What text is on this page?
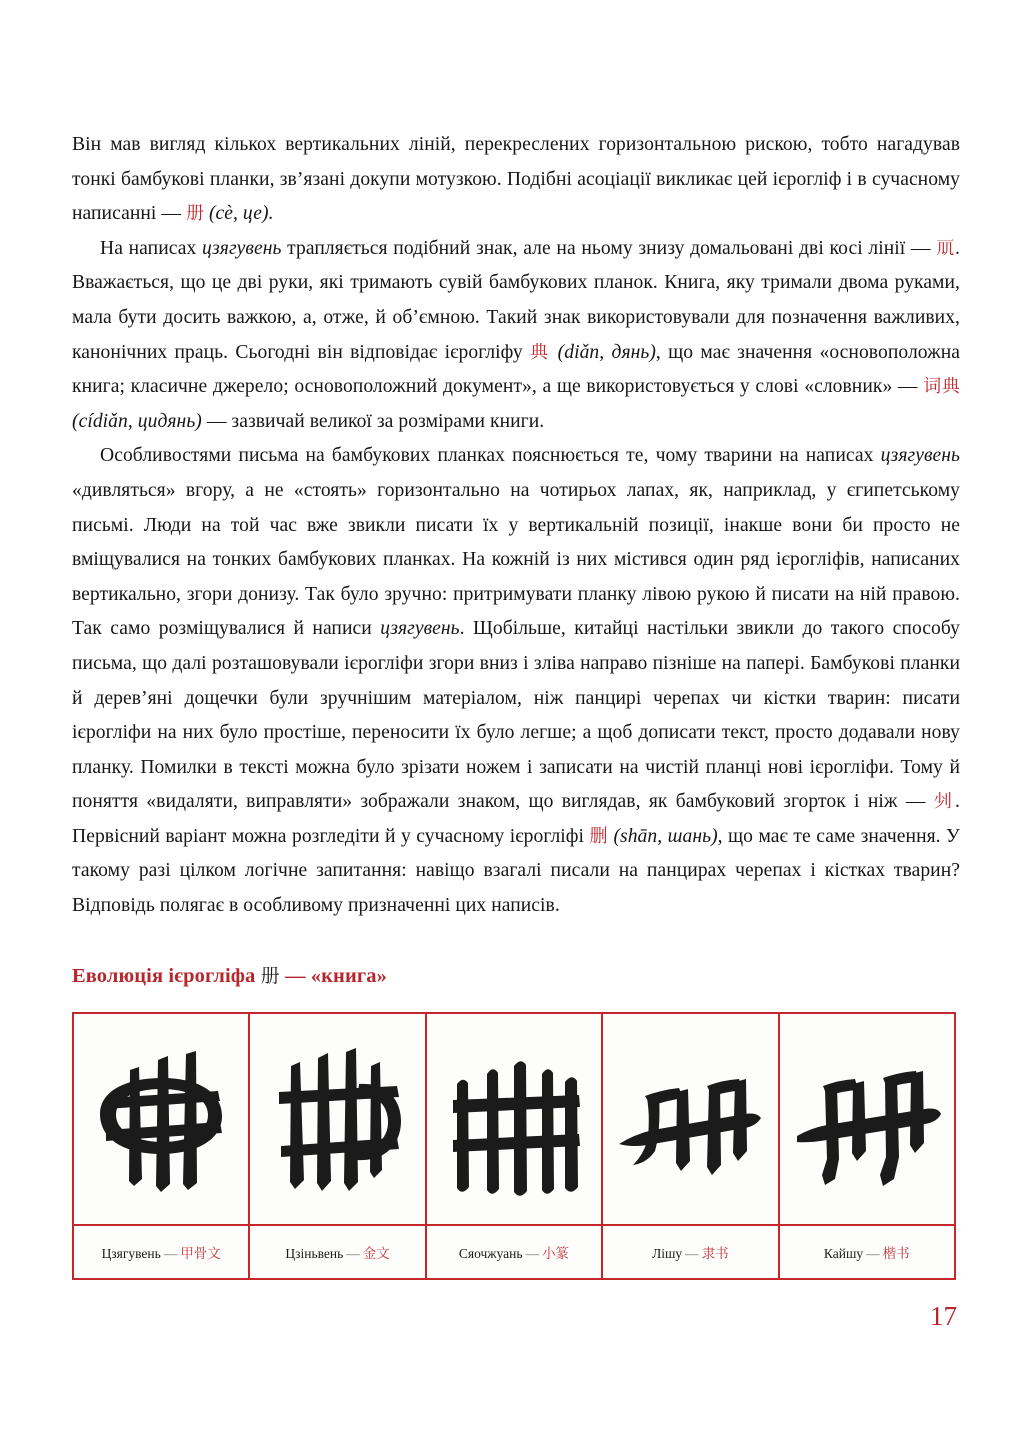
Він мав вигляд кількох вертикальних ліній, перекреслених горизонтальною рискою, тобто нагадував тонкі бамбукові планки, зв’язані докупи мотузкою. Подібні асоціації викликає цей ієрогліф і в сучасному написанні — 册 (cè, це).

На написах цзягувень трапляється подібний знак, але на ньому знизу домальовані дві косі лінії — 𠘲. Вважається, що це дві руки, які тримають сувій бамбукових планок. Книга, яку тримали двома руками, мала бути досить важкою, а, отже, й об’ємною. Такий знак використовували для позначення важливих, канонічних праць. Сьогодні він відповідає ієрогліфу 典 (diǎn, дянь), що має значення «основоположна книга; класичне джерело; основоположний документ», а ще використовується у слові «словник» — 词典 (cídiǎn, цидянь) — зазвичай великої за розмірами книги.

Особливостями письма на бамбукових планках пояснюється те, чому тварини на написах цзягувень «дивляться» вгору, а не «стоять» горизонтально на чотирьох лапах, як, наприклад, у єгипетському письмі. Люди на той час вже звикли писати їх у вертикальній позиції, інакше вони би просто не вміщувалися на тонких бамбукових планках. На кожній із них містився один ряд ієрогліфів, написаних вертикально, згори донизу. Так було зручно: притримувати планку лівою рукою й писати на ній правою. Так само розміщувалися й написи цзягувень. Щобільше, китайці настільки звикли до такого способу письма, що далі розташовували ієрогліфи згори вниз і зліва направо пізніше на папері. Бамбукові планки й дерев’яні дощечки були зручнішим матеріалом, ніж панцирі черепах чи кістки тварин: писати ієрогліфи на них було простіше, переносити їх було легше; а щоб дописати текст, просто додавали нову планку. Помилки в тексті можна було зрізати ножем і записати на чистій планці нові ієрогліфи. Тому й поняття «видаляти, виправляти» зображали знаком, що виглядав, як бамбуковий згорток і ніж — 𠚺. Первісний варіант можна розгледіти й у сучасному ієрогліфі 删 (shān, шань), що має те саме значення. У такому разі цілком логічне запитання: навіщо взагалі писали на панцирах черепах і кістках тварин? Відповідь полягає в особливому призначенні цих написів.

Еволюція ієрогліфа 册 — «книга»

Цзягувень — 甲骨文	Цзіньвень — 金文	Сяочжуань — 小篆	Лішу — 隶书	Кайшу — 楷书
17
